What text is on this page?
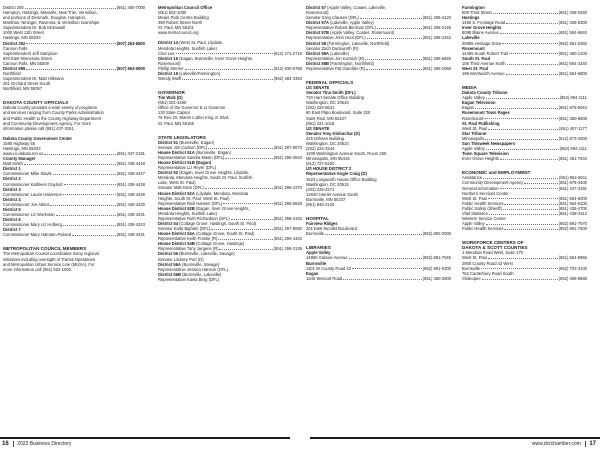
District 200	(651) 480-7000
Hampton, Hastings, Miesville, New Trier, Vermillion,
and portions of Denmark, Douglas, Hampton,
Marshan, Nininger, Ravenna, & Vermillion townships
Superintendent Dr. Bob McDowell
1000 West 11th Street
Hastings, MN 55033
District 252	(507) 263-6800
Cannon Falls
Superintendent Jeff Sampson
820 East Minnesota Street
Cannon Falls, MN 55009
District 659	(507) 663-0600
Northfield
Superintendent Dr. Matt Hillmann
201 Orchard Street South
Northfield, MN 55057
DAKOTA COUNTY OFFICIALS
Dakota County provides a wide variety of programs
and services ranging from County Parks Administration
and Public Health to the County Highway Department
and Community Development Agency. For more
information please call (651) 437-3191.
Dakota County Government Center
1590 Highway 55
Hastings, MN 55033
www.co.dakota.mn.us	(651) 437-3191
County Manager
Matt Smith	(651) 438-4418
District 1
Commissioner Mike Slavik	(651) 438-4427
District 2
Commissioner Kathleen Gaylord	(651) 438-4428
District 3
Commissioner Laurie Halverson	(651) 438-4429
District 4
Commissioner Joe Atkins	(651) 438-4430
District 5
Commissioner Liz Workman	(651) 438-4431
District 6
Commissioner Mary Liz Holberg	(651) 438-4243
District 7
Commissioner Mary Hamann-Roland	(651) 438-4431
METROPOLITAN COUNCIL MEMBERS
The Metropolitan Council coordinates many regional
initiatives including oversight of Transit Operations
and Metropolitan Urban Service Line (MUSA). For
more information call (651) 602-1000.
Metropolitan Council Office
(651) 602-1000
Mears Park Centre Building
390 Robert Street North
St. Paul, MN 55101
www.metrocouncil.org
District 13 (West St. Paul, Lilydale,
Mendota Heights, Sunfish Lake)
Chai Lee	(612) 271-2719
District 15 (Eagan, Burnsville, Inver Grove Heights,
Rosemount)
Phillip Sterner	(612) 930-6768
District 16 (Lakeville/Farmington)
Wendy Wulff	(952) 484-3353
GOVERNOR
Tim Walz (D)
(651) 201-3400
Office of the Governor & Lt Governor
130 State Capitol
75 Rev. Dr. Martin Luther King Jr. Blvd.
St. Paul, MN 55155
STATE LEGISLATORS
District 51 (Burnsville, Eagan)
Senator Jim Carlson (DFL)	(651) 297-8073
House District 51A (Burnsville, Eagan)
Representative Sandra Masin (DFL)	(651) 296-3533
House District 51B (Eagan)
Representative Liz Reyer (DFL)
District 52 (Eagan, Inver Grove Heights, Lilydale,
Mendota, Mendota Heights, South St. Paul, Sunfish
Lake, West St. Paul)
Senator Matt Klein (DFL)	(651) 296-4370
House District 52A (Lilydale, Mendota, Mendota
Heights, South St. Paul, West St. Paul)
Representative Rick Hansen (DFL)	(651) 296-6828
House District 52B (Eagan, Inver Grove Heights,
Mendota Heights, Sunfish Lake)
Representative Ruth Richardson (DFL)	(651) 296-4192
District 54 (Cottage Grove, Hastings, South St. Paul)
Senator Karla Bigham (DFL)	(651) 297-8060
House District 54A (Cottage Grove, South St. Paul)
Representative Keith Franke (R)	(651) 296-4342
House District 54B (Cottage Grove, Hastings)
Representative Tony Jurgens (R)	(651) 296-3135
District 56 (Burnsville, Lakeville, Savage)
Senator Lindsey Port (D)
District 56A (Burnsville, Savage)
Representative Jessica Hanson (DFL)
District 56B (Burnsville, Lakeville)
Representative Kaela Berg (DFL)
District 57 (Apple Valley, Coates, Lakeville,
Rosemount)
Senator Greg Clausen (DFL)	(651) 296-4120
District 57A (Lakeville, Apple Valley)
Representative Robert Bierman (DFL)	(651) 296-2146
District 57B (Apple Valley, Coates, Rosemount)
Representative John Huot (DFL)	(651) 296-4342
District 58 (Farmington, Lakeville, Northfield)
Senator Zach Duckworth (R)
District 58A (Lakeville)
Representative Jon Koznick (R)	(651) 296-6926
District 58B (Farmington, Northfield)
Representative Pat Garofalo (R)	(651) 296-1069
FEDERAL OFFICIALS
US SENATE
Senator Tina Smith (DFL)
720 Hart Senate Office Building
Washington, DC 20510
(202) 224-5641
60 East Plato Boulevard, Suite 220
Saint Paul, MN 55107
(651) 221-1016
US SENATE
Senator Amy Klobuchar (D)
425 Dirksen Building
Washington, DC 20510
(202) 224-3244
1200 Washington Avenue South, Room 250
Minneapolis, MN 55415
(612) 727-5220
US HOUSE DISTRICT 2
Representative Angie Craig (D)
1523 Longworth House Office Building
Washington, DC 20515
(202) 225-2271
12940 Harriet Avenue South
Burnsville, MN 55337
(651) 846-2120
HOSPITAL
Fairview Ridges
201 East Nicollet Boulevard
Burnsville	(952) 892-2000
LIBRARIES
Apple Valley
14955 Galaxie Avenue	(952) 891-7045
Burnsville
1101 W County Road 42	(952) 891-0300
Eagan
1340 Wescott Road	(651) 450-2900
Farmington
508 Third Street	(651) 438-0250
Hastings
1490 S. Frontage Road	(651) 438-0200
Inver Grove Heights
8098 Blaine Avenue	(651) 554-6840
Lakeville
20085 Heritage Drive	(952) 891-0360
Rosemount
14395 South Robert Trail	(651) 480-1200
South St. Paul
106 Third Avenue North	(651) 554-3240
West St. Paul
199 Wentworth Avenue	(651) 554-6800
MEDIA
Dakota County Tribune
Apple Valley	(952) 894-1111
Eagan Television
Eagan	(651) 675-5044
Rosemount Town Pages
Rosemount	(651) 460-6606
St. Paul Publishing
West St. Paul	(651) 457-1177
Star Tribune
Minneapolis	(612) 673-4000
Sun Thisweek Newspapers
Apple Valley	(952) 894-1111
Town Square Television
Inver Grove Heights	(651) 451-7834
ECONOMIC and EMPLOYMENT
Assistance	(651) 554-5611
Community Development Agency	(651) 675-4400
General Information	(651) 437-3191
Northern Services Center -
West St. Paul	(651) 554-6000
Public Health Services	(651) 554-6100
Public Safety (Sheriff)	(651) 438-4700
Vital Statistics	(651) 438-4312
Western Service Center
Apple Valley	(952) 891-7570
Public Health Services	(952) 891-7500
WORKFORCE CENTERS OF
DAKOTA & SCOTT COUNTIES
1 Mendota Road West, Suite 170
West St. Paul	(651) 554-5955
2900 County Road 42 West
Burnsville	(952) 703-3100
752 Canterbury Road South
Shakopee	(952) 496-8686
16 2022 Business Directory	www.dcrchamber.com 17
